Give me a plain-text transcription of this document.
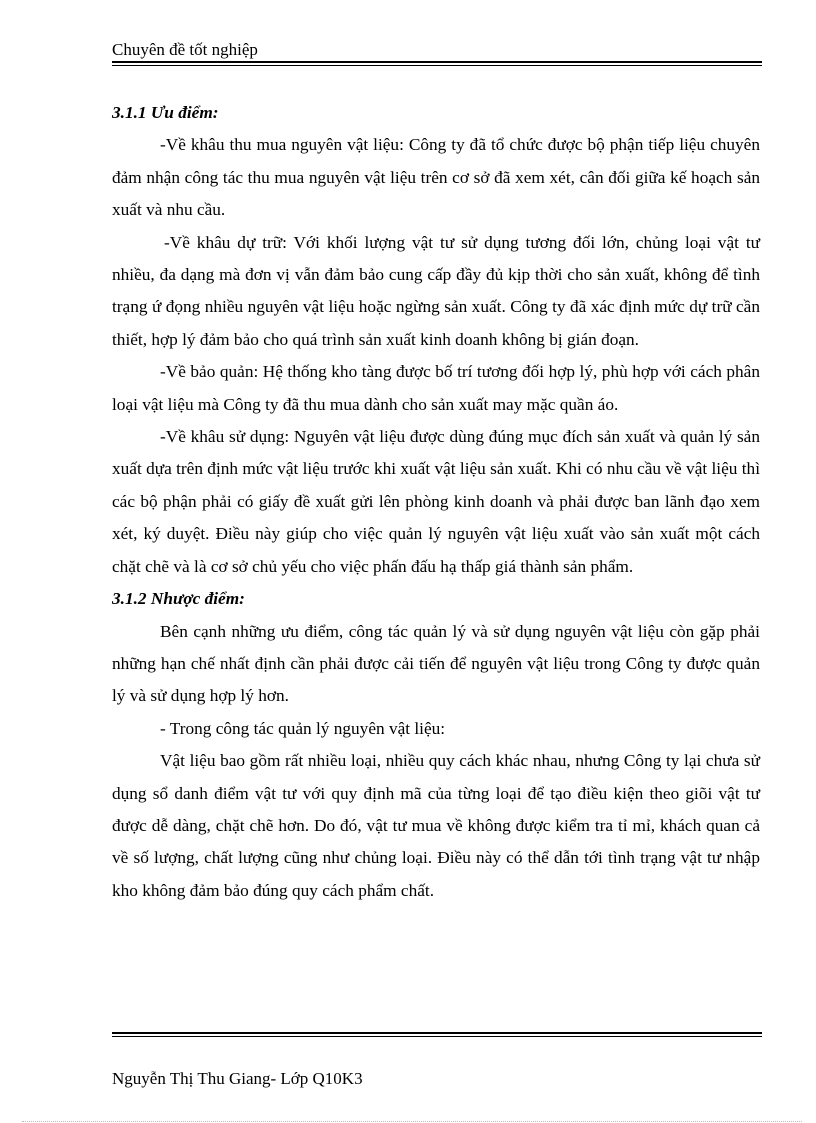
Chuyên đề tốt nghiệp

3.1.1 Ưu điểm:

-Về khâu thu mua nguyên vật liệu: Công ty đã tổ chức được bộ phận tiếp liệu chuyên đảm nhận công tác thu mua nguyên vật liệu trên cơ sở đã xem xét, cân đối giữa kế hoạch sản xuất và nhu cầu.

-Về khâu dự trữ: Với khối lượng vật tư sử dụng tương đối lớn, chủng loại vật tư nhiều, đa dạng mà đơn vị vẫn đảm bảo cung cấp đầy đủ kịp thời cho sản xuất, không để tình trạng ứ đọng nhiều nguyên vật liệu hoặc ngừng sản xuất. Công ty đã xác định mức dự trữ cần thiết, hợp lý đảm bảo cho quá trình sản xuất kinh doanh không bị gián đoạn.

-Về bảo quản: Hệ thống kho tàng được bố trí tương đối hợp lý, phù hợp với cách phân loại vật liệu mà Công ty đã thu mua dành cho sản xuất may mặc quần áo.

-Về khâu sử dụng: Nguyên vật liệu được dùng đúng mục đích sản xuất và quản lý sản xuất dựa trên định mức vật liệu trước khi xuất vật liệu sản xuất. Khi có nhu cầu về vật liệu thì các bộ phận phải có giấy đề xuất gửi lên phòng kinh doanh và phải được ban lãnh đạo xem xét, ký duyệt. Điều này giúp cho việc quản lý nguyên vật liệu xuất vào sản xuất một cách chặt chẽ và là cơ sở chủ yếu cho việc phấn đấu hạ thấp giá thành sản phẩm.

3.1.2 Nhược điểm:

Bên cạnh những ưu điểm, công tác quản lý và sử dụng nguyên vật liệu còn gặp phải những hạn chế nhất định cần phải được cải tiến để nguyên vật liệu trong Công ty được quản lý và sử dụng hợp lý hơn.

- Trong công tác quản lý nguyên vật liệu:

Vật liệu bao gồm rất nhiều loại, nhiều quy cách khác nhau, nhưng Công ty lại chưa sử dụng sổ danh điểm vật tư với quy định mã của từng loại để tạo điều kiện theo giõi vật tư được dễ dàng, chặt chẽ hơn. Do đó, vật tư mua về không được kiểm tra tỉ mỉ, khách quan cả về số lượng, chất lượng cũng như chủng loại. Điều này có thể dẫn tới tình trạng vật tư nhập kho không đảm bảo đúng quy cách phẩm chất.

Nguyễn Thị Thu Giang- Lớp Q10K3
